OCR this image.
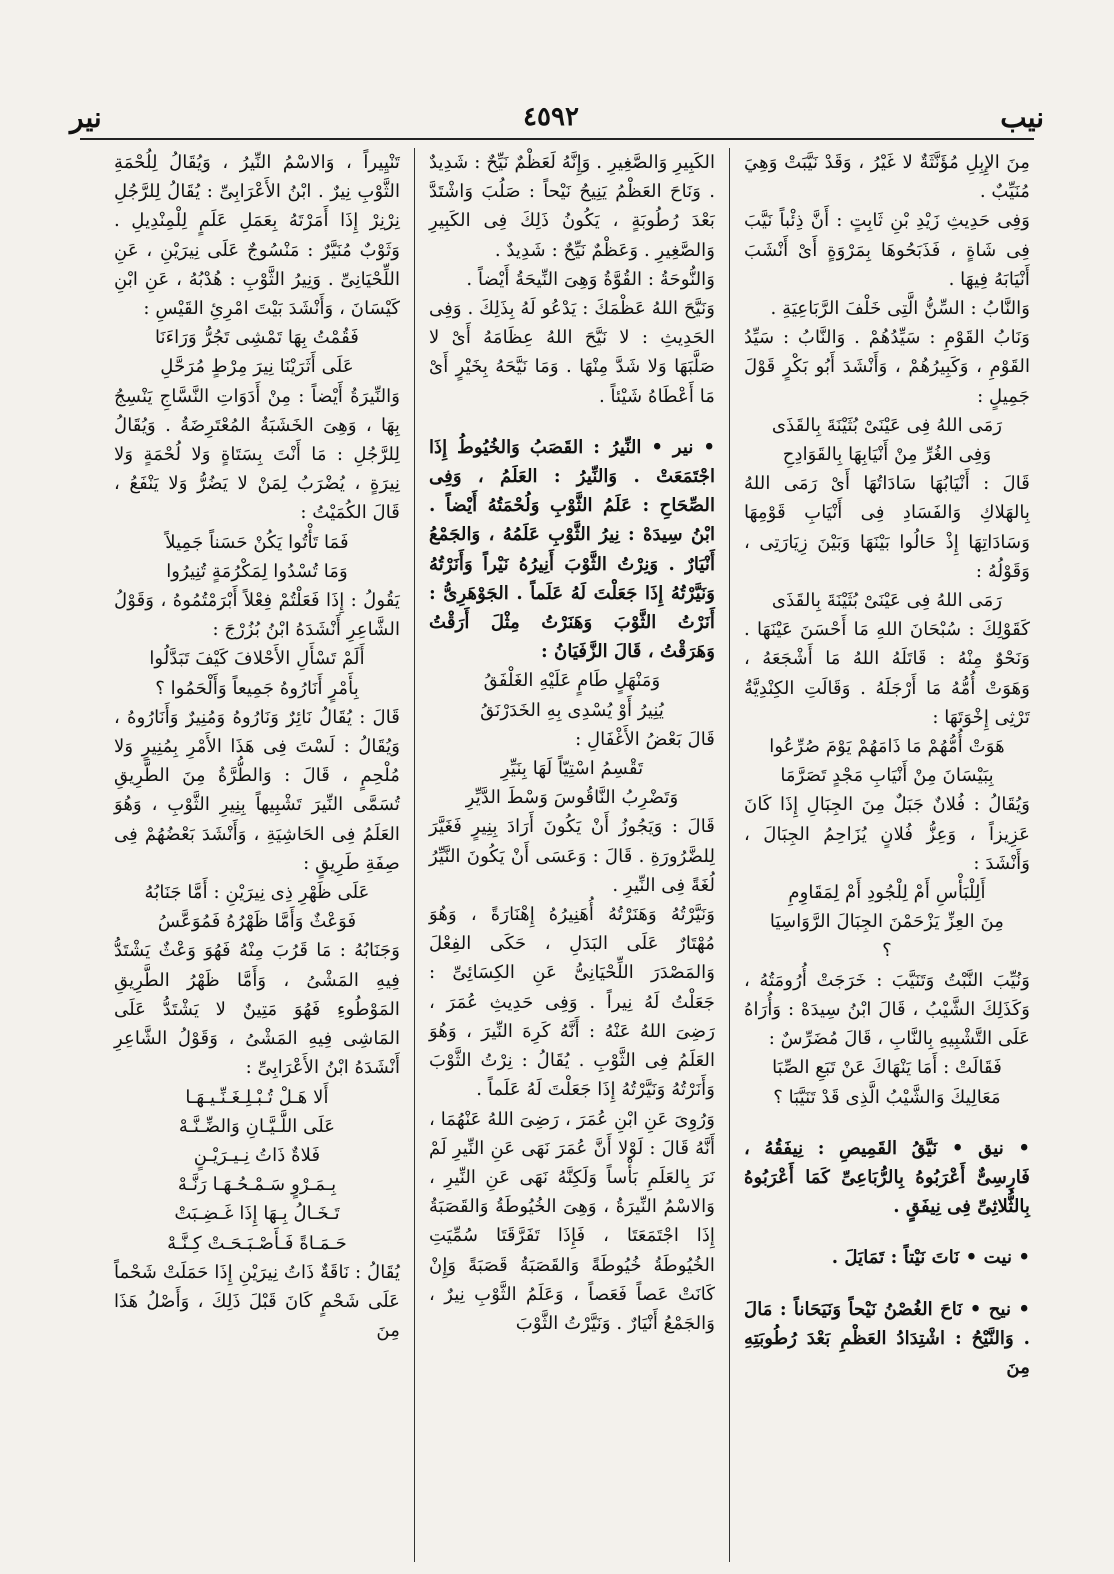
نيب
٤٥٩٢
نير

مِنَ الإِبِلِ مُؤَنَّثَةٌ لا غَيْرُ ، وَقَدْ نَيَّبَتْ وَهِيَ مُنَيِّبٌ .

وَفِى حَدِيثِ زَيْدِ بْنِ ثَابِتٍ : أَنَّ ذِئْباً نَيَّبَ فِى شَاةٍ ، فَذَبَحُوهَا بِمَرْوَةٍ أَىْ أَنْشَبَ أَنْيَابَهُ فِيهَا .

وَالنَّابُ : السِّنُّ الَّتِى خَلْفَ الرَّبَاعِيَةِ .

وَنَابُ القَوْمِ : سَيِّدُهُمْ . وَالنَّابُ : سَيِّدُ القَوْمِ ، وَكَبِيرُهُمْ ، وَأَنْشَدَ أَبُو بَكْرٍ قَوْلَ جَمِيلٍ :

رَمَى اللهُ فِى عَيْنَىْ بُثَيْنَةَ بِالقَذَى

وَفِى الغُرِّ مِنْ أَنْيَابِهَا بِالقَوَادِحِ

قَالَ : أَنْيَابُهَا سَادَاتُهَا أَىْ رَمَى اللهُ بِالهَلاكِ وَالفَسَادِ فِى أَنْيَابِ قَوْمِهَا وَسَادَاتِهَا إِذْ حَالُوا بَيْنَهَا وَبَيْنَ زِيَارَتِى ، وَقَوْلُهُ :

رَمَى اللهُ فِى عَيْنَىْ بُثَيْنَةَ بِالقَذَى

كَقَوْلِكَ : سُبْحَانَ اللهِ مَا أَحْسَنَ عَيْنَهَا . وَنَحْوٌ مِنْهُ : قَاتَلَهُ اللهُ مَا أَشْجَعَهُ ، وَهَوَتْ أُمُّهُ مَا أَرْجَلَهُ . وَقَالَتِ الكِنْدِيَّةُ تَرْثِى إِخْوَتَهَا :

هَوَتْ أُمُّهُمْ مَا ذَامَهُمْ يَوْمَ صُرِّعُوا

بِبَيْسَانَ مِنْ أَنْيَابِ مَجْدٍ تَصَرَّمَا

وَيُقَالُ : فُلانٌ جَبَلٌ مِنَ الجِبَالِ إِذَا كَانَ عَزِيزاً ، وَعِزُّ فُلانٍ يُزَاحِمُ الجِبَالَ ، وَأَنْشَدَ :

أَلِلْبَأْسِ أَمْ لِلْجُودِ أَمْ لِمَقَاوِمِ

مِنَ العِزِّ يَزْحَمْنَ الجِبَالَ الرَّوَاسِيَا ؟

وَنُيِّبَ النَّبْتُ وَتَنَيَّبَ : خَرَجَتْ أُرُومَتُهُ ، وَكَذَلِكَ الشَّيْبُ ، قَالَ ابْنُ سِيدَهْ : وَأُرَاهُ عَلَى التَّشْبِيهِ بِالنَّابِ ، قَالَ مُضَرِّسٌ :

فَقَالَتْ : أَمَا يَنْهَاكَ عَنْ تَبَعِ الصِّبَا

مَعَالِيكَ وَالشَّيْبُ الَّذِى قَدْ تَنَيَّبَا ؟

• نيق • نَيَّقُ القَمِيصِ : نِيفَقُهُ ، فَارِسِىٌّ أَعْرَبُوهُ بِالرُّبَاعِىِّ كَمَا أَعْرَبُوهُ بِالثُّلاثِىِّ فِى نِيفَقٍ .

• نيت • نَاتَ نَيْتاً : تَمَايَلَ .

• نيح • نَاحَ الغُصْنُ نَيْحاً وَنَيَحَاناً : مَالَ . وَالنَّيْحُ : اشْتِدَادُ العَظْمِ بَعْدَ رُطُوبَتِهِ مِنَ

الكَبِيرِ وَالصَّغِيرِ . وَإِنَّهُ لَعَظْمٌ نَيِّحٌ : شَدِيدٌ . وَنَاحَ العَظْمُ يَنِيحُ نَيْحاً : صَلُبَ وَاشْتَدَّ بَعْدَ رُطُوبَةٍ ، يَكُونُ ذَلِكَ فِى الكَبِيرِ وَالصَّغِيرِ . وَعَظْمٌ نَيِّحٌ : شَدِيدٌ .

وَالنُّوحَةُ : القُوَّةُ وَهِىَ النِّيحَةُ أَيْضاً .

وَنَيَّحَ اللهُ عَظْمَكَ : يَدْعُو لَهُ بِذَلِكَ . وَفِى الحَدِيثِ : لا نَيَّحَ اللهُ عِظَامَهُ أَىْ لا صَلَّبَهَا وَلا شَدَّ مِنْهَا . وَمَا نَيَّحَهُ بِخَيْرٍ أَىْ مَا أَعْطَاهُ شَيْئاً .

• نير • النِّيرُ : القَصَبُ وَالخُيُوطُ إِذَا اجْتَمَعَتْ . وَالنِّيرُ : العَلَمُ ، وَفِى الصِّحَاحِ : عَلَمُ الثَّوْبِ وَلُحْمَتُهُ أَيْضاً . ابْنُ سِيدَهْ : نِيرُ الثَّوْبِ عَلَمُهُ ، وَالجَمْعُ أَنْيَارٌ . وَنِرْتُ الثَّوْبَ أَنِيرُهُ نَيْراً وَأَنَرْتُهُ وَنَيَّرْتُهُ إِذَا جَعَلْتَ لَهُ عَلَماً . الجَوْهَرِىُّ : أَنَرْتُ الثَّوْبَ وَهَنَرْتُ مِثْلَ أَرَقْتُ وَهَرَقْتُ ، قَالَ الزَّفَيَانُ :

وَمَنْهَلٍ طَامٍ عَلَيْهِ الغَلْفَقُ

يُنِيرُ أَوْ يُسْدِى بِهِ الخَدَرْنَقُ

قَالَ بَعْضُ الأَغْفَالِ :

تَقْسِمُ اسْتِيّاً لَهَا بِنَيِّرِ

وَتَضْرِبُ النَّاقُوسَ وَسْطَ الدَّيِّرِ

قَالَ : وَيَجُوزُ أَنْ يَكُونَ أَرَادَ بِنِيرٍ فَغَيَّرَ لِلضَّرُورَةِ . قَالَ : وَعَسَى أَنْ يَكُونَ النَّيِّرُ لُغَةً فِى النِّيرِ .

وَنَيَّرْتُهُ وَهَنَرْتُهُ أُهَنِيرُهُ إِهْنَارَةً ، وَهُوَ مُهْتَارٌ عَلَى البَدَلِ ، حَكَى الفِعْلَ وَالمَصْدَرَ اللِّحْيَانِىُّ عَنِ الكِسَائِىِّ : جَعَلْتُ لَهُ نِيراً . وَفِى حَدِيثِ عُمَرَ ، رَضِىَ اللهُ عَنْهُ : أَنَّهُ كَرِهَ النِّيرَ ، وَهُوَ العَلَمُ فِى الثَّوْبِ . يُقَالُ : نِرْتُ الثَّوْبَ وَأَنَرْتُهُ وَنَيَّرْتُهُ إِذَا جَعَلْتَ لَهُ عَلَماً .

وَرُوِىَ عَنِ ابْنِ عُمَرَ ، رَضِىَ اللهُ عَنْهُمَا ، أَنَّهُ قَالَ : لَوْلا أَنَّ عُمَرَ نَهَى عَنِ النِّيرِ لَمْ نَرَ بِالعَلَمِ بَأْساً وَلَكِنَّهُ نَهَى عَنِ النِّيرِ ، وَالاسْمُ النِّيرَةُ ، وَهِىَ الخُيُوطَةُ وَالقَصَبَةُ إِذَا اجْتَمَعَتَا ، فَإِذَا تَفَرَّقَتَا سُمِّيَتِ الخُيُوطَةُ خُيُوطَةً وَالقَصَبَةُ قَصَبَةً وَإِنْ كَانَتْ عَصاً فَعَصاً ، وَعَلَمُ الثَّوْبِ نِيرٌ ، وَالجَمْعُ أَنْيَارٌ . وَنَيَّرْتُ الثَّوْبَ

تَنْيِيراً ، وَالاسْمُ النِّيرُ ، وَيُقَالُ لِلُحْمَةِ الثَّوْبِ نِيرٌ . ابْنُ الأَعْرَابِىِّ : يُقَالُ لِلرَّجُلِ نِرْنِرْ إِذَا أَمَرْتَهُ بِعَمَلِ عَلَمٍ لِلْمِنْدِيلِ . وَثَوْبٌ مُنَيَّرٌ : مَنْسُوجٌ عَلَى نِيرَيْنِ ، عَنِ اللِّحْيَانِىِّ . وَنِيرُ الثَّوْبِ : هُدْبُهُ ، عَنِ ابْنِ كَيْسَانَ ، وَأَنْشَدَ بَيْتَ امْرِئِ القَيْسِ :

فَقُمْتُ بِهَا تَمْشِى تَجُرُّ وَرَاءَنَا

عَلَى أَثَرَيْنَا نِيرَ مِرْطٍ مُرَحَّلِ

وَالنِّيرَةُ أَيْضاً : مِنْ أَدَوَاتِ النَّسَّاجِ يَنْسِجُ بِهَا ، وَهِىَ الخَشَبَةُ المُعْتَرِضَةُ . وَيُقَالُ لِلرَّجُلِ : مَا أَنْتَ بِسَتَاةٍ وَلا لُحْمَةٍ وَلا نِيرَةٍ ، يُضْرَبُ لِمَنْ لا يَضُرُّ وَلا يَنْفَعُ ، قَالَ الكُمَيْتُ :

فَمَا تَأْتُوا يَكُنْ حَسَناً جَمِيلاً

وَمَا تُسْدُوا لِمَكْرُمَةٍ تُنِيرُوا

يَقُولُ : إِذَا فَعَلْتُمْ فِعْلاً أَبْرَمْتُمُوهُ ، وَقَوْلُ الشَّاعِرِ أَنْشَدَهُ ابْنُ بُزُرْجَ :

أَلَمْ تَسْأَلِ الأَحْلافَ كَيْفَ تَبَدَّلُوا

بِأَمْرٍ أَنَارُوهُ جَمِيعاً وَأَلْحَمُوا ؟

قَالَ : يُقَالُ نَائِرٌ وَنَارُوهُ وَمُنِيرٌ وَأَنَارُوهُ ، وَيُقَالُ : لَسْتَ فِى هَذَا الأَمْرِ بِمُنِيرٍ وَلا مُلْحِمٍ ، قَالَ : وَالطُّرَّةُ مِنَ الطَّرِيقِ تُسَمَّى النِّيرَ تَشْبِيهاً بِنِيرِ الثَّوْبِ ، وَهُوَ العَلَمُ فِى الحَاشِيَةِ ، وَأَنْشَدَ بَعْضُهُمْ فِى صِفَةِ طَرِيقٍ :

عَلَى ظَهْرِ ذِى نِيرَيْنِ : أَمَّا جَنَابُهُ

فَوَعْثٌ وَأَمَّا ظَهْرُهُ فَمُوَعَّسُ

وَجَنَابُهُ : مَا قَرُبَ مِنْهُ فَهُوَ وَعْثٌ يَشْتَدُّ فِيهِ المَشْىُ ، وَأَمَّا ظَهْرُ الطَّرِيقِ المَوْطُوءِ فَهُوَ مَتِينٌ لا يَشْتَدُّ عَلَى المَاشِى فِيهِ المَشْىُ ، وَقَوْلُ الشَّاعِرِ أَنْشَدَهُ ابْنُ الأَعْرَابِىِّ :

أَلا هَـلْ تُـبْـلِـغَـنِّـيـهَـا

عَلَى اللَّـيَّـانِ وَالضِّـنَّـهْ

فَلاةٌ ذَاتُ نِـيـرَيْـنٍ

بِـمَـرْوٍ سَـمْـحُـهَـا رَنَّـهْ

تَـخَـالُ بِـهَا إِذَا غَـضِـبَتْ

حَـمَـاةً فَـأَصْـبَـحَـتْ كِـنَّـهْ

يُقَالُ : نَاقَةٌ ذَاتُ نِيرَيْنِ إِذَا حَمَلَتْ شَحْماً عَلَى شَحْمٍ كَانَ قَبْلَ ذَلِكَ ، وَأَصْلُ هَذَا مِنَ
